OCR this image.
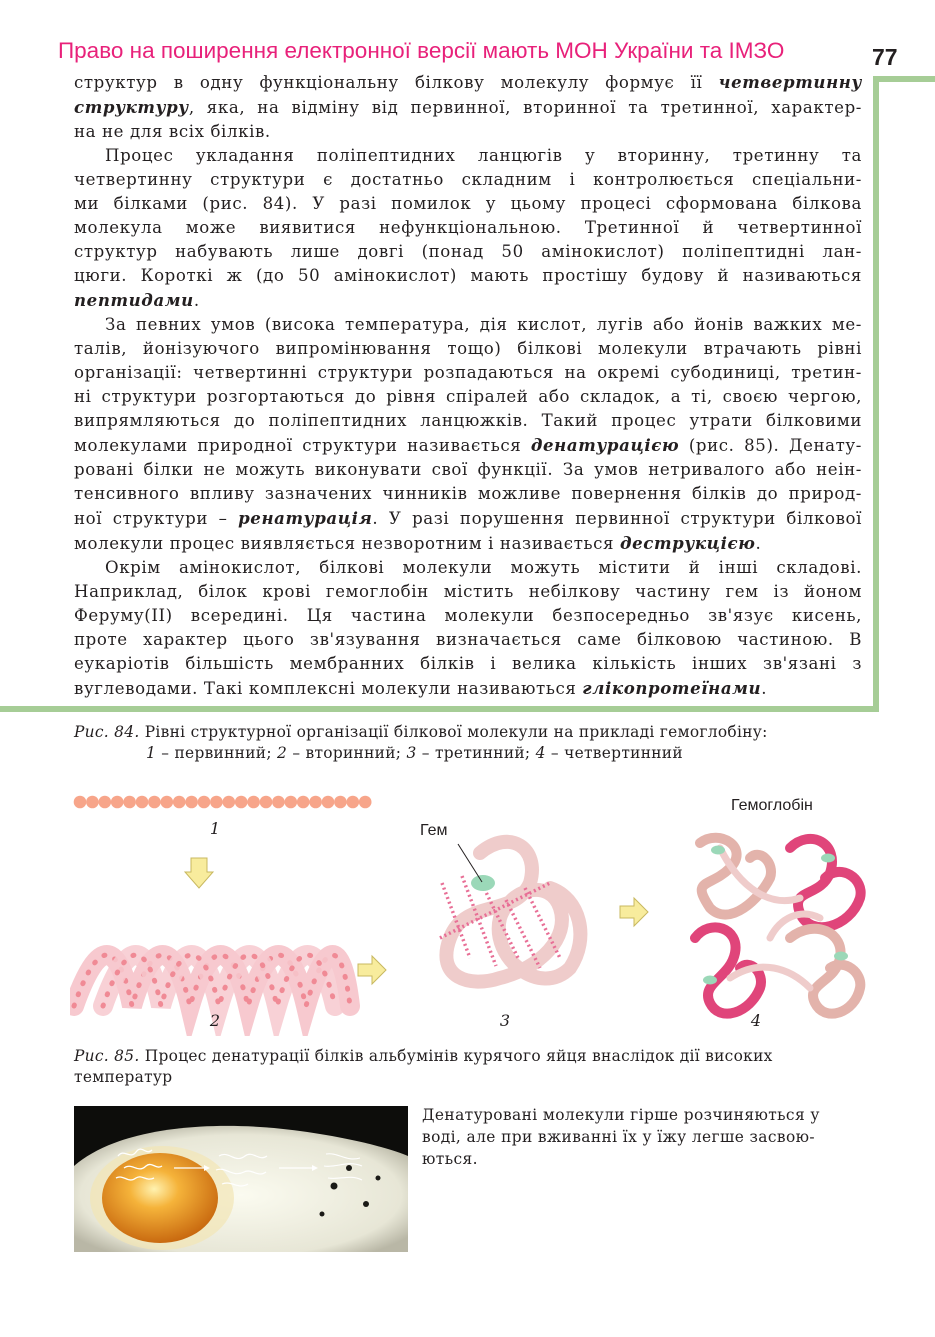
Право на поширення електронної версії мають МОН України та ІМЗО	77

структур в одну функціональну білкову молекулу формує її четвертинну

структуру, яка, на відміну від первинної, вторинної та третинної, характер-

на не для всіх білків.

Процес укладання поліпептидних ланцюгів у вторинну, третинну та

четвертинну структури є достатньо складним і контролюється спеціальни-

ми білками (рис. 84). У разі помилок у цьому процесі сформована білкова

молекула може виявитися нефункціональною. Третинної й четвертинної

структур набувають лише довгі (понад 50 амінокислот) поліпептидні лан-

цюги. Короткі ж (до 50 амінокислот) мають простішу будову й називаються

пептидами.

За певних умов (висока температура, дія кислот, лугів або йонів важких ме-

талів, йонізуючого випромінювання тощо) білкові молекули втрачають рівні

організації: четвертинні структури розпадаються на окремі субодиниці, третин-

ні структури розгортаються до рівня спіралей або складок, а ті, своєю чергою,

випрямляються до поліпептидних ланцюжків. Такий процес утрати білковими

молекулами природної структури називається денатурацією (рис. 85). Денату-

ровані білки не можуть виконувати свої функції. За умов нетривалого або неін-

тенсивного впливу зазначених чинників можливе повернення білків до природ-

ної структури – ренатурація. У разі порушення первинної структури білкової

молекули процес виявляється незворотним і називається деструкцією.

Окрім амінокислот, білкові молекули можуть містити й інші складові.

Наприклад, білок крові гемоглобін містить небілкову частину гем із йоном

Феруму(ІІ) всередині. Ця частина молекули безпосередньо зв'язує кисень,

проте характер цього зв'язування визначається саме білковою частиною. В

еукаріотів більшість мембранних білків і велика кількість інших зв'язані з

вуглеводами. Такі комплексні молекули називаються глікопротеїнами.

Рис. 84. Рівні структурної організації білкової молекули на прикладі гемоглобіну:
1 – первинний; 2 – вторинний; 3 – третинний; 4 – четвертинний
1
2
Гем
3
Гемоглобін
4
Рис. 85. Процес денатурації білків альбумінів курячого яйця внаслідок дії високих
температур
Денатуровані молекули гірше розчиняються у
воді, але при вживанні їх у їжу легше засвою-
ються.
